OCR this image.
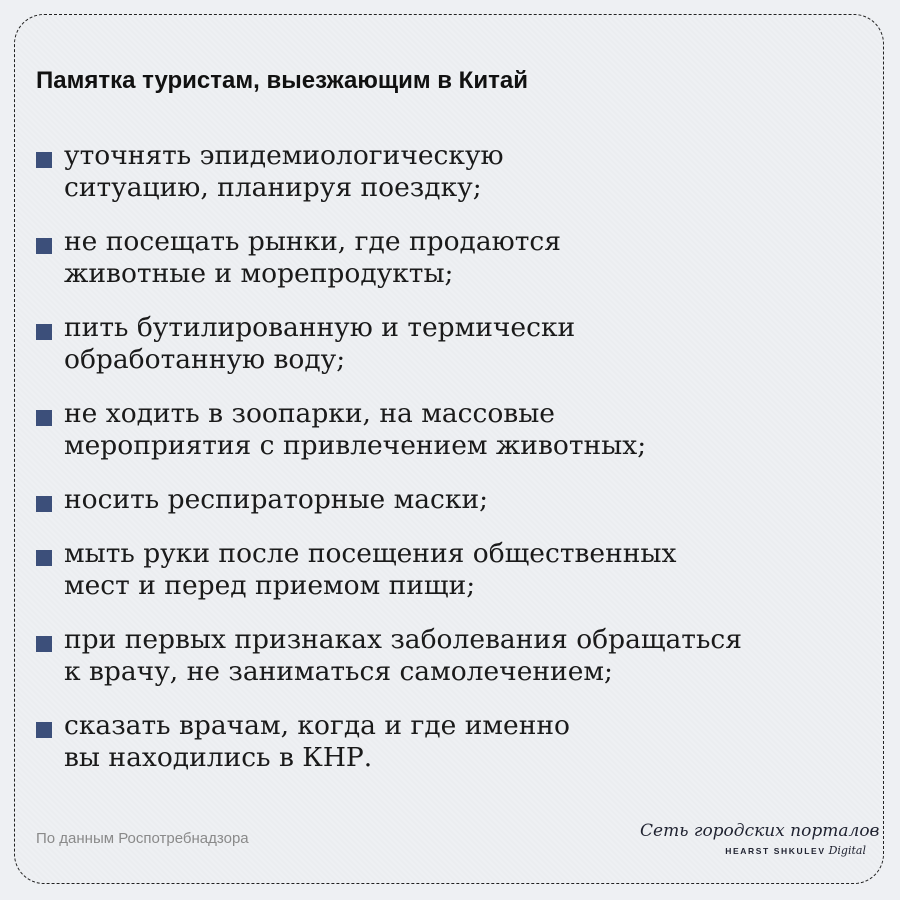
Памятка туристам, выезжающим в Китай
уточнять эпидемиологическую
ситуацию, планируя поездку;
не посещать рынки, где продаются
животные и морепродукты;
пить бутилированную и термически
обработанную воду;
не ходить в зоопарки, на массовые
мероприятия с привлечением животных;
носить респираторные маски;
мыть руки после посещения общественных
мест и перед приемом пищи;
при первых признаках заболевания обращаться
к врачу, не заниматься самолечением;
сказать врачам, когда и где именно
вы находились в КНР.
По данным Роспотребнадзора	Сеть городских порталов
HEARST SHKULEV Digital
